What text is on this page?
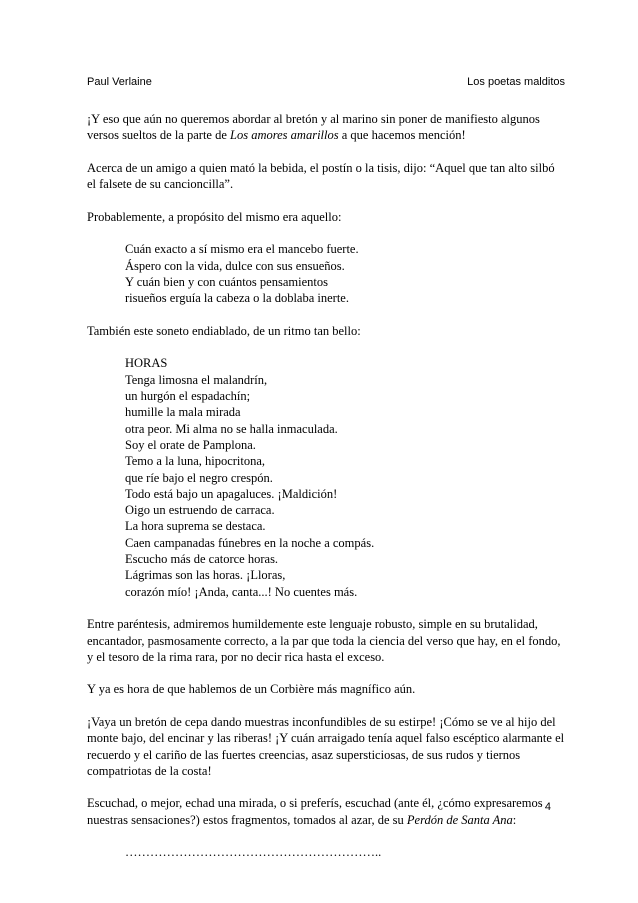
Paul Verlaine	Los poetas malditos

¡Y eso que aún no queremos abordar al bretón y al marino sin poner de manifiesto algunos versos sueltos de la parte de Los amores amarillos a que hacemos mención!

Acerca de un amigo a quien mató la bebida, el postín o la tisis, dijo: “Aquel que tan alto silbó el falsete de su cancioncilla”.

Probablemente, a propósito del mismo era aquello:

Cuán exacto a sí mismo era el mancebo fuerte.
Áspero con la vida, dulce con sus ensueños.
Y cuán bien y con cuántos pensamientos
risueños erguía la cabeza o la doblaba inerte.

También este soneto endiablado, de un ritmo tan bello:

HORAS
Tenga limosna el malandrín,
un hurgón el espadachín;
humille la mala mirada
otra peor. Mi alma no se halla inmaculada.
Soy el orate de Pamplona.
Temo a la luna, hipocritona,
que ríe bajo el negro crespón.
Todo está bajo un apagaluces. ¡Maldición!
Oigo un estruendo de carraca.
La hora suprema se destaca.
Caen campanadas fúnebres en la noche a compás.
Escucho más de catorce horas.
Lágrimas son las horas. ¡Lloras,
corazón mío! ¡Anda, canta...! No cuentes más.

Entre paréntesis, admiremos humildemente este lenguaje robusto, simple en su brutalidad, encantador, pasmosamente correcto, a la par que toda la ciencia del verso que hay, en el fondo, y el tesoro de la rima rara, por no decir rica hasta el exceso.

Y ya es hora de que hablemos de un Corbière más magnífico aún.

¡Vaya un bretón de cepa dando muestras inconfundibles de su estirpe! ¡Cómo se ve al hijo del monte bajo, del encinar y las riberas! ¡Y cuán arraigado tenía aquel falso escéptico alarmante el recuerdo y el cariño de las fuertes creencias, asaz supersticiosas, de sus rudos y tiernos compatriotas de la costa!

Escuchad, o mejor, echad una mirada, o si preferís, escuchad (ante él, ¿cómo expresaremos nuestras sensaciones?) estos fragmentos, tomados al azar, de su Perdón de Santa Ana:

……………………………………………………..
4
